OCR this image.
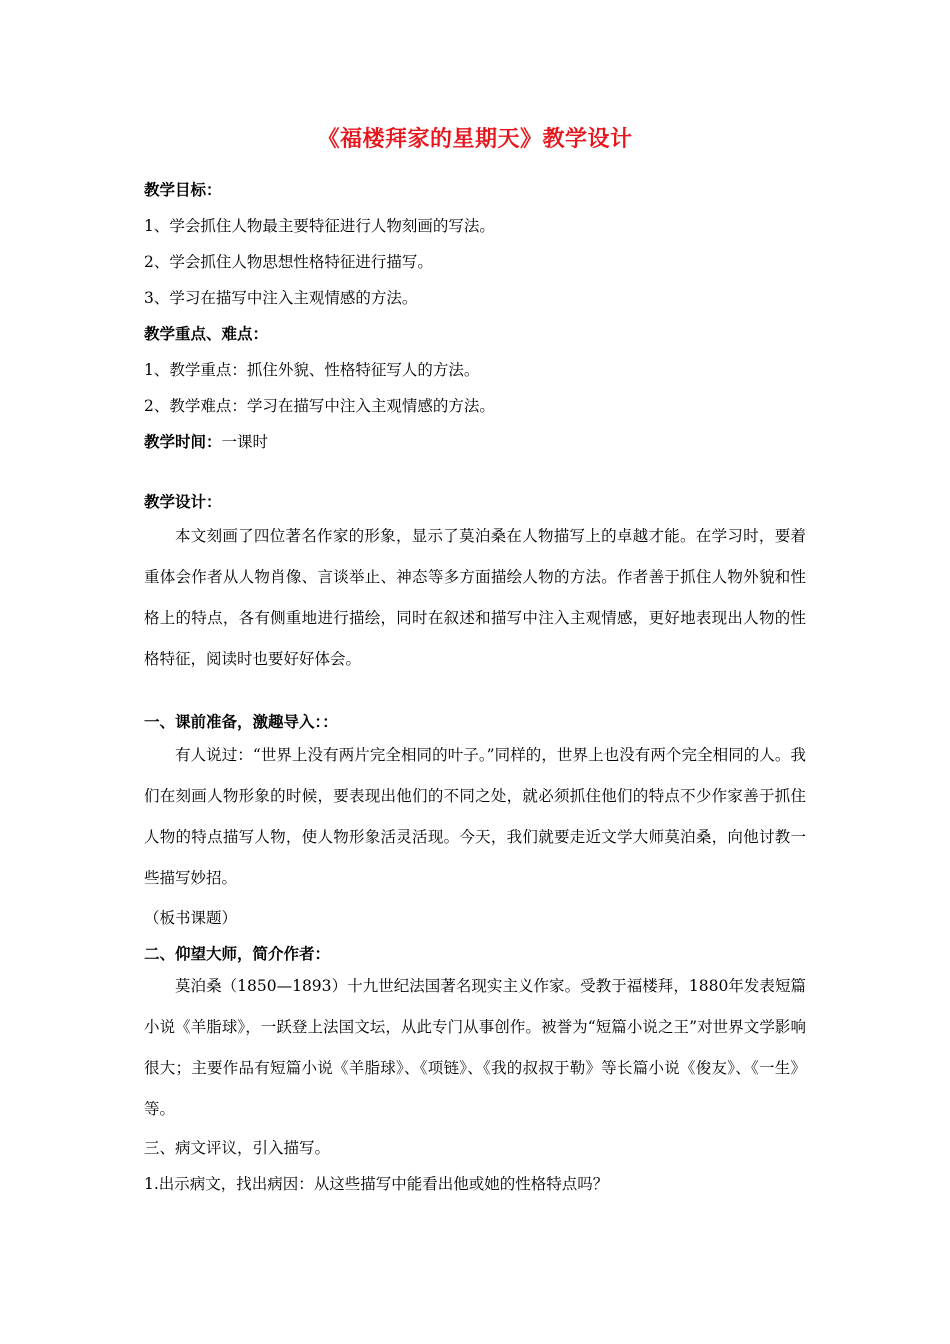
《福楼拜家的星期天》教学设计
教学目标：
1、学会抓住人物最主要特征进行人物刻画的写法。
2、学会抓住人物思想性格特征进行描写。
3、学习在描写中注入主观情感的方法。
教学重点、难点：
1、教学重点：抓住外貌、性格特征写人的方法。
2、教学难点：学习在描写中注入主观情感的方法。
教学时间：一课时
教学设计：
本文刻画了四位著名作家的形象，显示了莫泊桑在人物描写上的卓越才能。在学习时，要着重体会作者从人物肖像、言谈举止、神态等多方面描绘人物的方法。作者善于抓住人物外貌和性格上的特点，各有侧重地进行描绘，同时在叙述和描写中注入主观情感，更好地表现出人物的性格特征，阅读时也要好好体会。
一、课前准备，激趣导入：：
有人说过：“世界上没有两片完全相同的叶子。”同样的，世界上也没有两个完全相同的人。我们在刻画人物形象的时候，要表现出他们的不同之处，就必须抓住他们的特点不少作家善于抓住人物的特点描写人物，使人物形象活灵活现。今天，我们就要走近文学大师莫泊桑，向他讨教一些描写妙招。
（板书课题）
二、仰望大师，简介作者：
莫泊桑（1850—1893）十九世纪法国著名现实主义作家。受教于福楼拜，1880年发表短篇小说《羊脂球》，一跃登上法国文坛，从此专门从事创作。被誉为“短篇小说之王”对世界文学影响很大；主要作品有短篇小说《羊脂球》、《项链》、《我的叔叔于勒》等长篇小说《俊友》、《一生》等。
三、病文评议，引入描写。
1.出示病文，找出病因：从这些描写中能看出他或她的性格特点吗？
